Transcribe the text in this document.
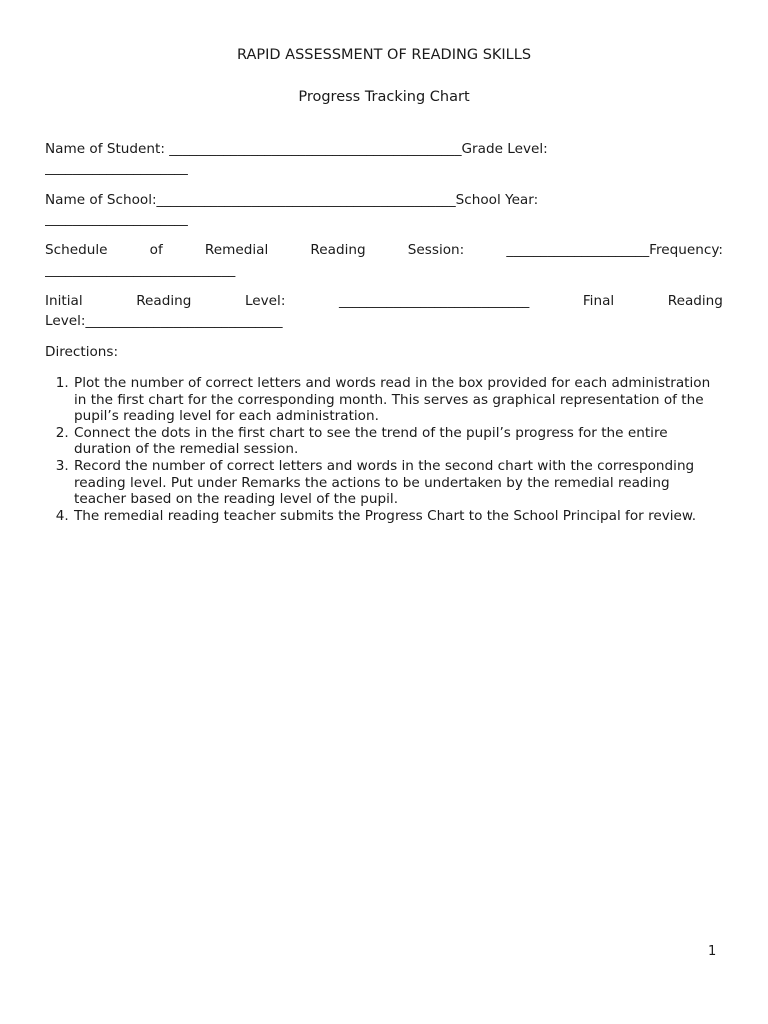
RAPID ASSESSMENT OF READING SKILLS
Progress Tracking Chart
Name of Student: ___________________________________________Grade Level:
_____________________
Name of School:____________________________________________School Year:
_____________________
Schedule	of	Remedial	Reading	Session:	_____________________Frequency:
____________________________
Initial	Reading	Level:	____________________________	Final	Reading
Level:_____________________________
Directions:
1. Plot the number of correct letters and words read in the box provided for each administration in the first chart for the corresponding month. This serves as graphical representation of the pupil’s reading level for each administration.
2. Connect the dots in the first chart to see the trend of the pupil’s progress for the entire duration of the remedial session.
3. Record the number of correct letters and words in the second chart with the corresponding reading level. Put under Remarks the actions to be undertaken by the remedial reading teacher based on the reading level of the pupil.
4. The remedial reading teacher submits the Progress Chart to the School Principal for review.
1
